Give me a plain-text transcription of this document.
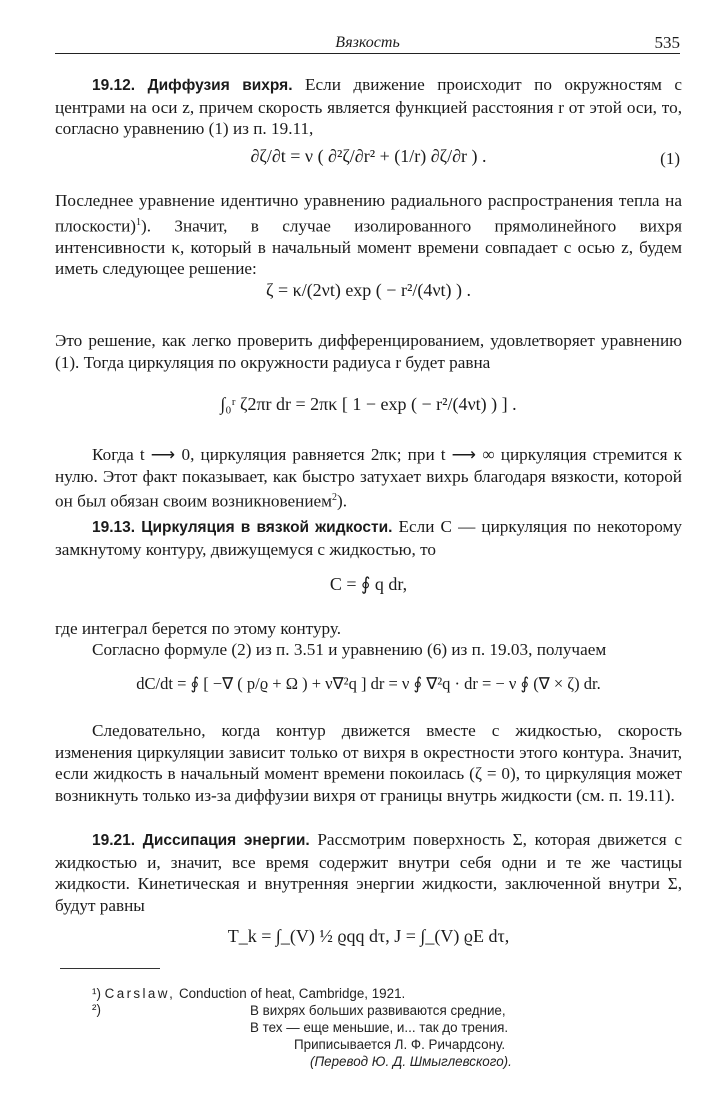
Вязкость	535
19.12. Диффузия вихря. Если движение происходит по окружностям с центрами на оси z, причем скорость является функцией расстояния r от этой оси, то, согласно уравнению (1) из п. 19.11,
∂ζ/∂t = ν ( ∂²ζ/∂r² + (1/r) ∂ζ/∂r ) .	(1)
Последнее уравнение идентично уравнению радиального распространения тепла на плоскости)$^1$). Значит, в случае изолированного прямолинейного вихря интенсивности κ, который в начальный момент времени совпадает с осью z, будем иметь следующее решение:
ζ = κ/(2νt) exp ( − r²/(4νt) ) .
Это решение, как легко проверить дифференцированием, удовлетворяет уравнению (1). Тогда циркуляция по окружности радиуса r будет равна
∫₀ʳ ζ2πr dr = 2πκ [ 1 − exp ( − r²/(4νt) ) ] .
Когда t ⟶ 0, циркуляция равняется 2πκ; при t ⟶ ∞ циркуляция стремится к нулю. Этот факт показывает, как быстро затухает вихрь благодаря вязкости, которой он был обязан своим возникновением$^2$).
19.13. Циркуляция в вязкой жидкости. Если C — циркуляция по некоторому замкнутому контуру, движущемуся с жидкостью, то
C = ∮ q dr,
где интеграл берется по этому контуру.
Согласно формуле (2) из п. 3.51 и уравнению (6) из п. 19.03, получаем
dC/dt = ∮ [ −∇ ( p/ϱ + Ω ) + ν∇²q ] dr = ν ∮ ∇²q · dr = − ν ∮ (∇ × ζ) dr.
Следовательно, когда контур движется вместе с жидкостью, скорость изменения циркуляции зависит только от вихря в окрестности этого контура. Значит, если жидкость в начальный момент времени покоилась (ζ = 0), то циркуляция может возникнуть только из-за диффузии вихря от границы внутрь жидкости (см. п. 19.11).
19.21. Диссипация энергии. Рассмотрим поверхность Σ, которая движется с жидкостью и, значит, все время содержит внутри себя одни и те же частицы жидкости. Кинетическая и внутренняя энергии жидкости, заключенной внутри Σ, будут равны
T_k = ∫_(V) ½ ϱqq dτ, J = ∫_(V) ϱE dτ,
¹) Carslaw, Conduction of heat, Cambridge, 1921.
²)	В вихрях больших развиваются средние,
В тех — еще меньшие, и... так до трения.
Приписывается Л. Ф. Ричардсону.
(Перевод Ю. Д. Шмыглевского).
